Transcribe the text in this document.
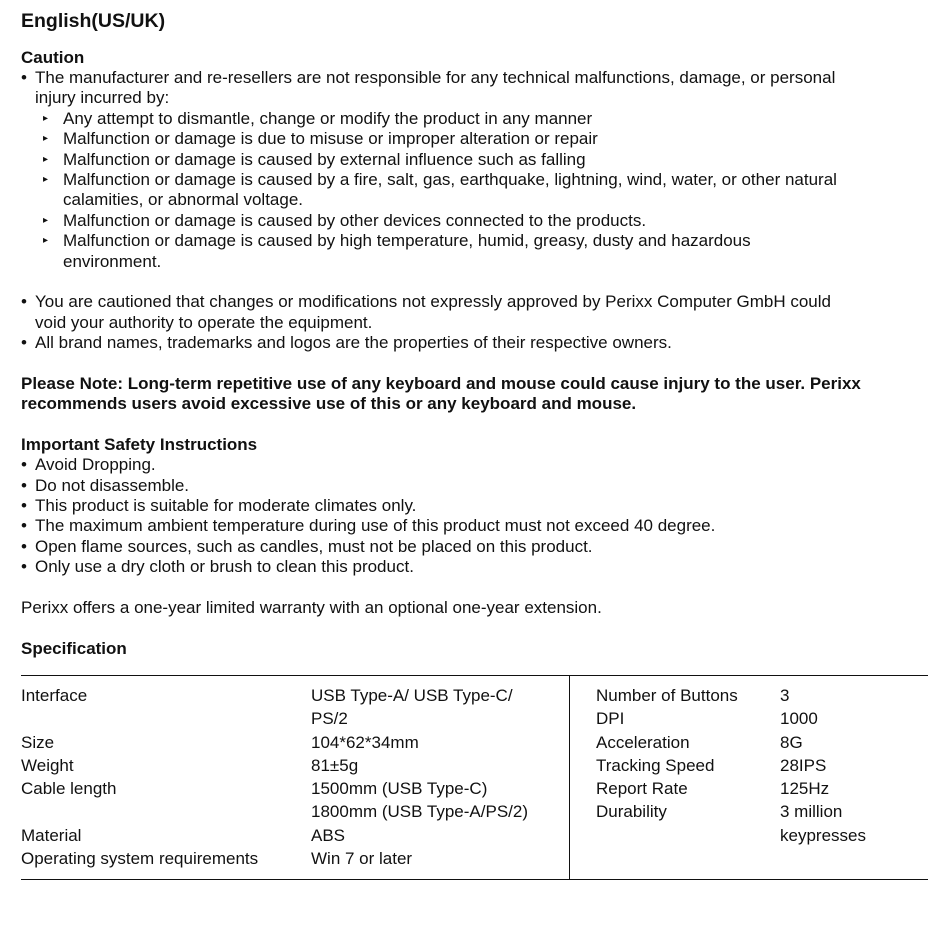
English(US/UK)
Caution
• The manufacturer and re-resellers are not responsible for any technical malfunctions, damage, or personal
injury incurred by:
▸ Any attempt to dismantle, change or modify the product in any manner
▸ Malfunction or damage is due to misuse or improper alteration or repair
▸ Malfunction or damage is caused by external influence such as falling
▸ Malfunction or damage is caused by a fire, salt, gas, earthquake, lightning, wind, water, or other natural
calamities, or abnormal voltage.
▸ Malfunction or damage is caused by other devices connected to the products.
▸ Malfunction or damage is caused by high temperature, humid, greasy, dusty and hazardous
environment.
• You are cautioned that changes or modifications not expressly approved by Perixx Computer GmbH could
void your authority to operate the equipment.
• All brand names, trademarks and logos are the properties of their respective owners.
Please Note: Long-term repetitive use of any keyboard and mouse could cause injury to the user. Perixx
recommends users avoid excessive use of this or any keyboard and mouse.
Important Safety Instructions
• Avoid Dropping.
• Do not disassemble.
• This product is suitable for moderate climates only.
• The maximum ambient temperature during use of this product must not exceed 40 degree.
• Open flame sources, such as candles, must not be placed on this product.
• Only use a dry cloth or brush to clean this product.
Perixx offers a one-year limited warranty with an optional one-year extension.
Specification
Interface	USB Type-A/ USB Type-C/
PS/2
Size	104*62*34mm
Weight	81±5g
Cable length	1500mm (USB Type-C)
1800mm (USB Type-A/PS/2)
Material	ABS
Operating system requirements	Win 7 or later
Number of Buttons	3
DPI	1000
Acceleration	8G
Tracking Speed	28IPS
Report Rate	125Hz
Durability	3 million
keypresses
